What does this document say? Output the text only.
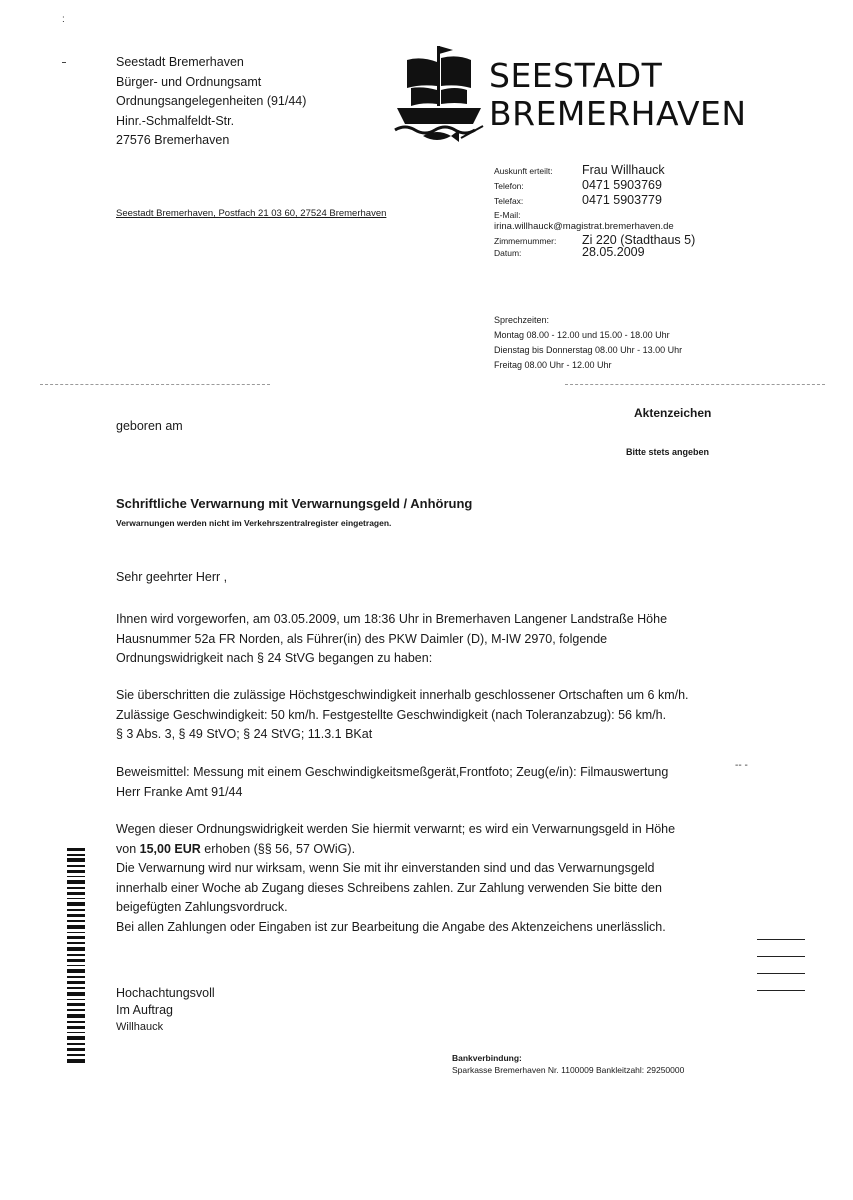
:
Seestadt Bremerhaven
Bürger- und Ordnungsamt
Ordnungsangelegenheiten (91/44)
Hinr.-Schmalfeldt-Str.
27576 Bremerhaven
Seestadt Bremerhaven, Postfach 21 03 60, 27524 Bremerhaven
SEESTADT
BREMERHAVEN
Auskunft erteilt:	Frau Willhauck
Telefon:	0471 5903769
Telefax:	0471 5903779
E-Mail:
irina.willhauck@magistrat.bremerhaven.de
Zimmernummer:	Zi 220 (Stadthaus 5)
Datum:	28.05.2009
Sprechzeiten:
Montag 08.00 - 12.00 und 15.00 - 18.00 Uhr
Dienstag bis Donnerstag 08.00 Uhr - 13.00 Uhr
Freitag 08.00 Uhr - 12.00 Uhr
Aktenzeichen
Bitte stets angeben
geboren am
Schriftliche Verwarnung mit Verwarnungsgeld / Anhörung
Verwarnungen werden nicht im Verkehrszentralregister eingetragen.
Sehr geehrter Herr ,
Ihnen wird vorgeworfen, am 03.05.2009, um 18:36 Uhr in Bremerhaven Langener Landstraße Höhe
Hausnummer 52a FR Norden, als Führer(in) des PKW Daimler (D), M-IW 2970, folgende
Ordnungswidrigkeit nach § 24 StVG begangen zu haben:
Sie überschritten die zulässige Höchstgeschwindigkeit innerhalb geschlossener Ortschaften um 6 km/h.
Zulässige Geschwindigkeit: 50 km/h. Festgestellte Geschwindigkeit (nach Toleranzabzug): 56 km/h.
§ 3 Abs. 3, § 49 StVO; § 24 StVG; 11.3.1 BKat
Beweismittel: Messung mit einem Geschwindigkeitsmeßgerät,Frontfoto; Zeug(e/in): Filmauswertung
Herr Franke Amt 91/44
-- -
Wegen dieser Ordnungswidrigkeit werden Sie hiermit verwarnt; es wird ein Verwarnungsgeld in Höhe
von 15,00 EUR erhoben (§§ 56, 57 OWiG).
Die Verwarnung wird nur wirksam, wenn Sie mit ihr einverstanden sind und das Verwarnungsgeld
innerhalb einer Woche ab Zugang dieses Schreibens zahlen. Zur Zahlung verwenden Sie bitte den
beigefügten Zahlungsvordruck.
Bei allen Zahlungen oder Eingaben ist zur Bearbeitung die Angabe des Aktenzeichens unerlässlich.
Hochachtungsvoll
Im Auftrag
Willhauck
Bankverbindung:
Sparkasse Bremerhaven Nr. 1100009 Bankleitzahl: 29250000
